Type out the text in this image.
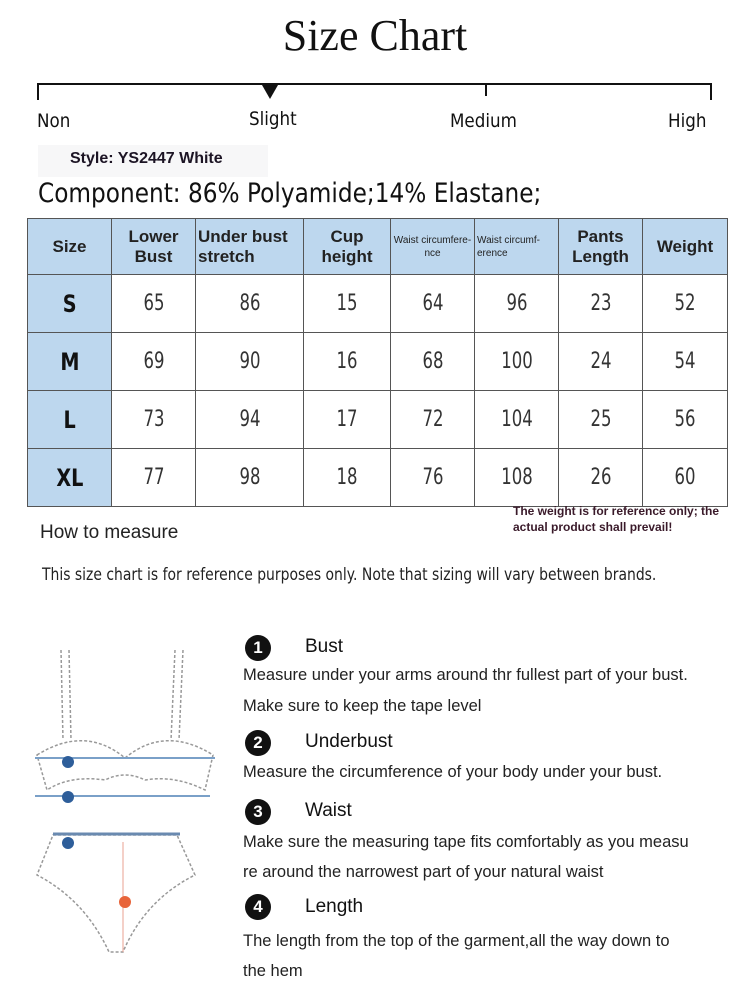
Size Chart
Non	Slight	Medium	High
Style: YS2447 White
Component: 86% Polyamide;14% Elastane;
Size	Lower Bust	Under bust stretch	Cup height	Waist circumfere-nce	Waist circumf-erence	Pants Length	Weight
S	65	86	15	64	96	23	52
M	69	90	16	68	100	24	54
L	73	94	17	72	104	25	56
XL	77	98	18	76	108	26	60
The weight is for reference only; the actual product shall prevail!
How to measure
This size chart is for reference purposes only. Note that sizing will vary between brands.
1	Bust
Measure under your arms around thr fullest part of your bust.
Make sure to keep the tape level
2	Underbust
Measure the circumference of your body under your bust.
3	Waist
Make sure the measuring tape fits comfortably as you measu
re around the narrowest part of your natural waist
4	Length
The length from the top of the garment,all the way down to
the hem
